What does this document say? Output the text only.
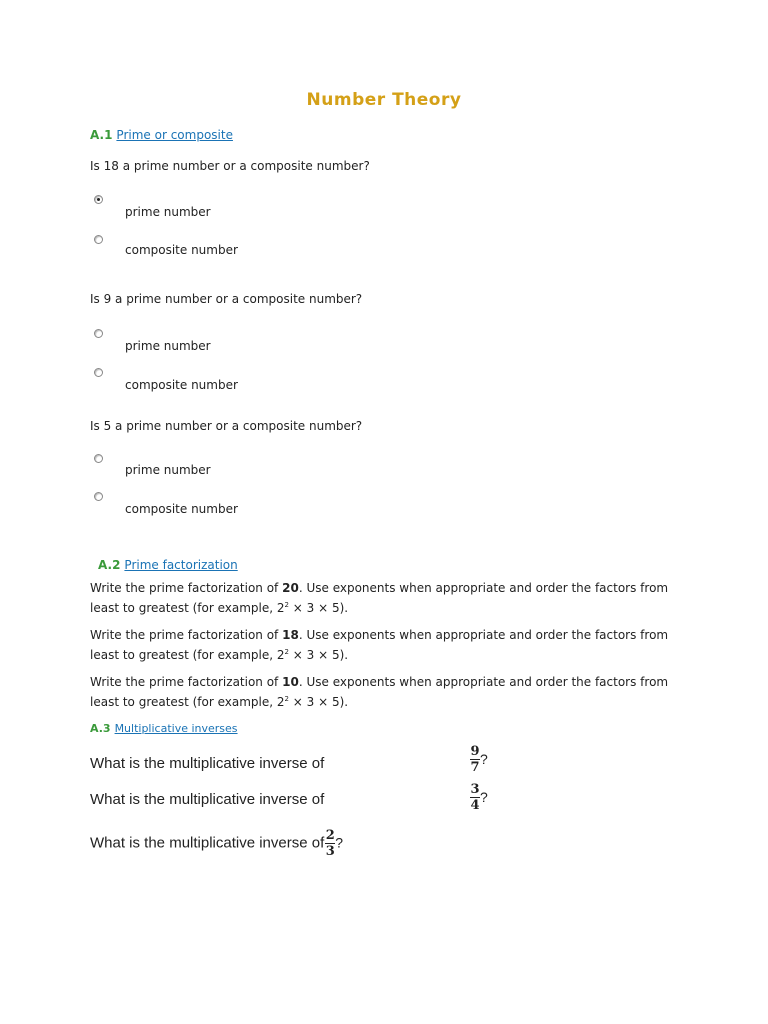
Number Theory
A.1 Prime or composite
Is 18 a prime number or a composite number?
prime number
composite number
Is 9 a prime number or a composite number?
prime number
composite number
Is 5 a prime number or a composite number?
prime number
composite number
A.2 Prime factorization
Write the prime factorization of 20. Use exponents when appropriate and order the factors from least to greatest (for example, $2^2 \times 3 \times 5$).
Write the prime factorization of 18. Use exponents when appropriate and order the factors from least to greatest (for example, $2^2 \times 3 \times 5$).
Write the prime factorization of 10. Use exponents when appropriate and order the factors from least to greatest (for example, $2^2 \times 3 \times 5$).
A.3 Multiplicative inverses
What is the multiplicative inverse of	$\frac{9}{7}$ ?
What is the multiplicative inverse of	$\frac{3}{4}$ ?
What is the multiplicative inverse of $\frac{2}{3}$ ?
